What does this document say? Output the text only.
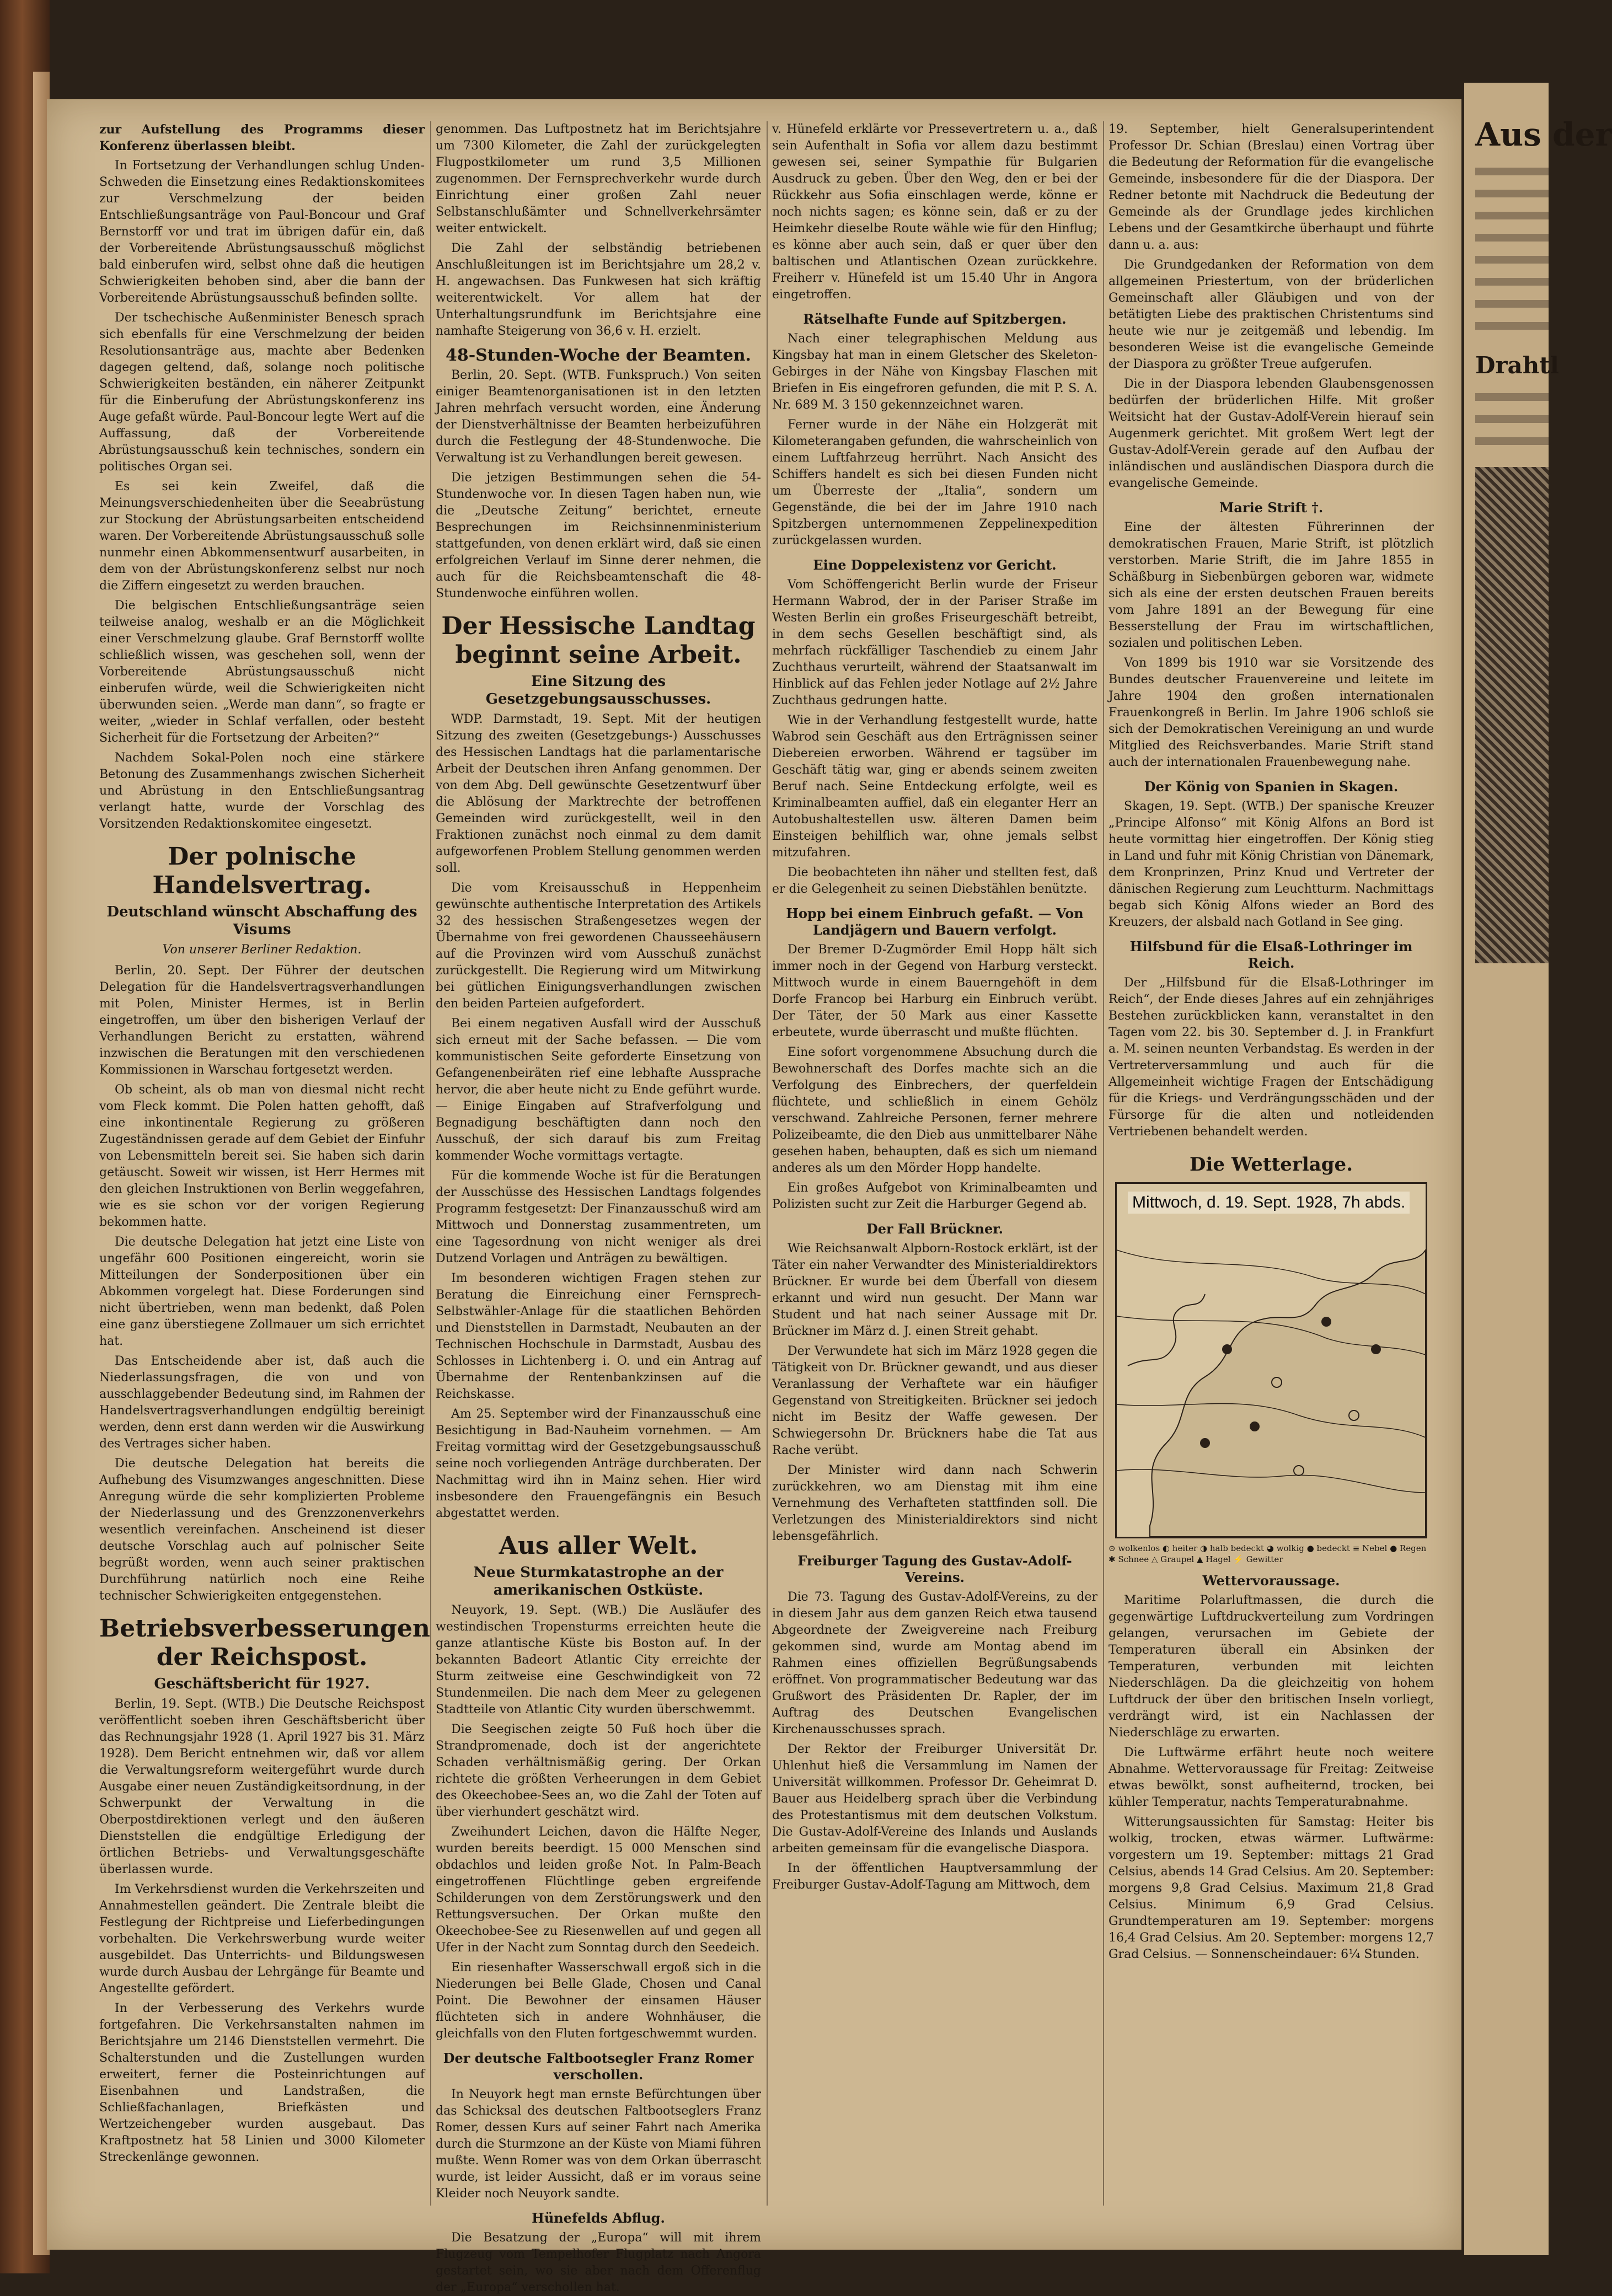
Aus der
Drahtl

zur Aufstellung des Programms dieser Konferenz überlassen bleibt.

In Fortsetzung der Verhandlungen schlug Unden-Schweden die Einsetzung eines Redaktionskomitees zur Verschmelzung der beiden Entschließungsanträge von Paul-Boncour und Graf Bernstorff vor und trat im übrigen dafür ein, daß der Vorbereitende Abrüstungsausschuß möglichst bald einberufen wird, selbst ohne daß die heutigen Schwierigkeiten behoben sind, aber die bann der Vorbereitende Abrüstungsausschuß befinden sollte.

Der tschechische Außenminister Benesch sprach sich ebenfalls für eine Verschmelzung der beiden Resolutionsanträge aus, machte aber Bedenken dagegen geltend, daß, solange noch politische Schwierigkeiten beständen, ein näherer Zeitpunkt für die Einberufung der Abrüstungskonferenz ins Auge gefaßt würde. Paul-Boncour legte Wert auf die Auffassung, daß der Vorbereitende Abrüstungsausschuß kein technisches, sondern ein politisches Organ sei.

Es sei kein Zweifel, daß die Meinungsverschiedenheiten über die Seeabrüstung zur Stockung der Abrüstungsarbeiten entscheidend waren. Der Vorbereitende Abrüstungsausschuß solle nunmehr einen Abkommensentwurf ausarbeiten, in dem von der Abrüstungskonferenz selbst nur noch die Ziffern eingesetzt zu werden brauchen.

Die belgischen Entschließungsanträge seien teilweise analog, weshalb er an die Möglichkeit einer Verschmelzung glaube. Graf Bernstorff wollte schließlich wissen, was geschehen soll, wenn der Vorbereitende Abrüstungsausschuß nicht einberufen würde, weil die Schwierigkeiten nicht überwunden seien. „Werde man dann“, so fragte er weiter, „wieder in Schlaf verfallen, oder besteht Sicherheit für die Fortsetzung der Arbeiten?“

Nachdem Sokal-Polen noch eine stärkere Betonung des Zusammenhangs zwischen Sicherheit und Abrüstung in den Entschließungsantrag verlangt hatte, wurde der Vorschlag des Vorsitzenden Redaktionskomitee eingesetzt.

Der polnische Handelsvertrag.
Deutschland wünscht Abschaffung des Visums
Von unserer Berliner Redaktion.

Berlin, 20. Sept. Der Führer der deutschen Delegation für die Handelsvertragsverhandlungen mit Polen, Minister Hermes, ist in Berlin eingetroffen, um über den bisherigen Verlauf der Verhandlungen Bericht zu erstatten, während inzwischen die Beratungen mit den verschiedenen Kommissionen in Warschau fortgesetzt werden.

Ob scheint, als ob man von diesmal nicht recht vom Fleck kommt. Die Polen hatten gehofft, daß eine inkontinentale Regierung zu größeren Zugeständnissen gerade auf dem Gebiet der Einfuhr von Lebensmitteln bereit sei. Sie haben sich darin getäuscht. Soweit wir wissen, ist Herr Hermes mit den gleichen Instruktionen von Berlin weggefahren, wie es sie schon vor der vorigen Regierung bekommen hatte.

Die deutsche Delegation hat jetzt eine Liste von ungefähr 600 Positionen eingereicht, worin sie Mitteilungen der Sonderpositionen über ein Abkommen vorgelegt hat. Diese Forderungen sind nicht übertrieben, wenn man bedenkt, daß Polen eine ganz überstiegene Zollmauer um sich errichtet hat.

Das Entscheidende aber ist, daß auch die Niederlassungsfragen, die von und von ausschlaggebender Bedeutung sind, im Rahmen der Handelsvertragsverhandlungen endgültig bereinigt werden, denn erst dann werden wir die Auswirkung des Vertrages sicher haben.

Die deutsche Delegation hat bereits die Aufhebung des Visumzwanges angeschnitten. Diese Anregung würde die sehr komplizierten Probleme der Niederlassung und des Grenzzonenverkehrs wesentlich vereinfachen. Anscheinend ist dieser deutsche Vorschlag auch auf polnischer Seite begrüßt worden, wenn auch seiner praktischen Durchführung natürlich noch eine Reihe technischer Schwierigkeiten entgegenstehen.

Betriebsverbesserungen der Reichspost.
Geschäftsbericht für 1927.

Berlin, 19. Sept. (WTB.) Die Deutsche Reichspost veröffentlicht soeben ihren Geschäftsbericht über das Rechnungsjahr 1928 (1. April 1927 bis 31. März 1928). Dem Bericht entnehmen wir, daß vor allem die Verwaltungsreform weitergeführt wurde durch Ausgabe einer neuen Zuständigkeitsordnung, in der Schwerpunkt der Verwaltung in die Oberpostdirektionen verlegt und den äußeren Dienststellen die endgültige Erledigung der örtlichen Betriebs- und Verwaltungsgeschäfte überlassen wurde.

Im Verkehrsdienst wurden die Verkehrszeiten und Annahmestellen geändert. Die Zentrale bleibt die Festlegung der Richtpreise und Lieferbedingungen vorbehalten. Die Verkehrswerbung wurde weiter ausgebildet. Das Unterrichts- und Bildungswesen wurde durch Ausbau der Lehrgänge für Beamte und Angestellte gefördert.

In der Verbesserung des Verkehrs wurde fortgefahren. Die Verkehrsanstalten nahmen im Berichtsjahre um 2146 Dienststellen vermehrt. Die Schalterstunden und die Zustellungen wurden erweitert, ferner die Posteinrichtungen auf Eisenbahnen und Landstraßen, die Schließfachanlagen, Briefkästen und Wertzeichengeber wurden ausgebaut. Das Kraftpostnetz hat 58 Linien und 3000 Kilometer Streckenlänge gewonnen.

genommen. Das Luftpostnetz hat im Berichtsjahre um 7300 Kilometer, die Zahl der zurückgelegten Flugpostkilometer um rund 3,5 Millionen zugenommen. Der Fernsprechverkehr wurde durch Einrichtung einer großen Zahl neuer Selbstanschlußämter und Schnellverkehrsämter weiter entwickelt.

Die Zahl der selbständig betriebenen Anschlußleitungen ist im Berichtsjahre um 28,2 v. H. angewachsen. Das Funkwesen hat sich kräftig weiterentwickelt. Vor allem hat der Unterhaltungsrundfunk im Berichtsjahre eine namhafte Steigerung von 36,6 v. H. erzielt.

48-Stunden-Woche der Beamten.

Berlin, 20. Sept. (WTB. Funkspruch.) Von seiten einiger Beamtenorganisationen ist in den letzten Jahren mehrfach versucht worden, eine Änderung der Dienstverhältnisse der Beamten herbeizuführen durch die Festlegung der 48-Stundenwoche. Die Verwaltung ist zu Verhandlungen bereit gewesen.

Die jetzigen Bestimmungen sehen die 54-Stundenwoche vor. In diesen Tagen haben nun, wie die „Deutsche Zeitung“ berichtet, erneute Besprechungen im Reichsinnenministerium stattgefunden, von denen erklärt wird, daß sie einen erfolgreichen Verlauf im Sinne derer nehmen, die auch für die Reichsbeamtenschaft die 48-Stundenwoche einführen wollen.

Der Hessische Landtag beginnt seine Arbeit.
Eine Sitzung des Gesetzgebungsausschusses.

WDP. Darmstadt, 19. Sept. Mit der heutigen Sitzung des zweiten (Gesetzgebungs-) Ausschusses des Hessischen Landtags hat die parlamentarische Arbeit der Deutschen ihren Anfang genommen. Der von dem Abg. Dell gewünschte Gesetzentwurf über die Ablösung der Marktrechte der betroffenen Gemeinden wird zurückgestellt, weil in den Fraktionen zunächst noch einmal zu dem damit aufgeworfenen Problem Stellung genommen werden soll.

Die vom Kreisausschuß in Heppenheim gewünschte authentische Interpretation des Artikels 32 des hessischen Straßengesetzes wegen der Übernahme von frei gewordenen Chausseehäusern auf die Provinzen wird vom Ausschuß zunächst zurückgestellt. Die Regierung wird um Mitwirkung bei gütlichen Einigungsverhandlungen zwischen den beiden Parteien aufgefordert.

Bei einem negativen Ausfall wird der Ausschuß sich erneut mit der Sache befassen. — Die vom kommunistischen Seite geforderte Einsetzung von Gefangenenbeiräten rief eine lebhafte Aussprache hervor, die aber heute nicht zu Ende geführt wurde. — Einige Eingaben auf Strafverfolgung und Begnadigung beschäftigten dann noch den Ausschuß, der sich darauf bis zum Freitag kommender Woche vormittags vertagte.

Für die kommende Woche ist für die Beratungen der Ausschüsse des Hessischen Landtags folgendes Programm festgesetzt: Der Finanzausschuß wird am Mittwoch und Donnerstag zusammentreten, um eine Tagesordnung von nicht weniger als drei Dutzend Vorlagen und Anträgen zu bewältigen.

Im besonderen wichtigen Fragen stehen zur Beratung die Einreichung einer Fernsprech-Selbstwähler-Anlage für die staatlichen Behörden und Dienststellen in Darmstadt, Neubauten an der Technischen Hochschule in Darmstadt, Ausbau des Schlosses in Lichtenberg i. O. und ein Antrag auf Übernahme der Rentenbankzinsen auf die Reichskasse.

Am 25. September wird der Finanzausschuß eine Besichtigung in Bad-Nauheim vornehmen. — Am Freitag vormittag wird der Gesetzgebungsausschuß seine noch vorliegenden Anträge durchberaten. Der Nachmittag wird ihn in Mainz sehen. Hier wird insbesondere den Frauengefängnis ein Besuch abgestattet werden.

Aus aller Welt.
Neue Sturmkatastrophe an der amerikanischen Ostküste.

Neuyork, 19. Sept. (WB.) Die Ausläufer des westindischen Tropensturms erreichten heute die ganze atlantische Küste bis Boston auf. In der bekannten Badeort Atlantic City erreichte der Sturm zeitweise eine Geschwindigkeit von 72 Stundenmeilen. Die nach dem Meer zu gelegenen Stadtteile von Atlantic City wurden überschwemmt.

Die Seegischen zeigte 50 Fuß hoch über die Strandpromenade, doch ist der angerichtete Schaden verhältnismäßig gering. Der Orkan richtete die größten Verheerungen in dem Gebiet des Okeechobee-Sees an, wo die Zahl der Toten auf über vierhundert geschätzt wird.

Zweihundert Leichen, davon die Hälfte Neger, wurden bereits beerdigt. 15 000 Menschen sind obdachlos und leiden große Not. In Palm-Beach eingetroffenen Flüchtlinge geben ergreifende Schilderungen von dem Zerstörungswerk und den Rettungsversuchen. Der Orkan mußte den Okeechobee-See zu Riesenwellen auf und gegen all Ufer in der Nacht zum Sonntag durch den Seedeich.

Ein riesenhafter Wasserschwall ergoß sich in die Niederungen bei Belle Glade, Chosen und Canal Point. Die Bewohner der einsamen Häuser flüchteten sich in andere Wohnhäuser, die gleichfalls von den Fluten fortgeschwemmt wurden.

Der deutsche Faltbootsegler Franz Romer verschollen.

In Neuyork hegt man ernste Befürchtungen über das Schicksal des deutschen Faltbootseglers Franz Romer, dessen Kurs auf seiner Fahrt nach Amerika durch die Sturmzone an der Küste von Miami führen mußte. Wenn Romer was von dem Orkan überrascht wurde, ist leider Aussicht, daß er im voraus seine Kleider noch Neuyork sandte.

Hünefelds Abflug.

Die Besatzung der „Europa“ will mit ihrem Flugzeug vom Tempelhofer Flugplatz nach Angora gestartet sein, wo sie aber nach dem Offerenflug der „Europa“ verschollen hat.

v. Hünefeld erklärte vor Pressevertretern u. a., daß sein Aufenthalt in Sofia vor allem dazu bestimmt gewesen sei, seiner Sympathie für Bulgarien Ausdruck zu geben. Über den Weg, den er bei der Rückkehr aus Sofia einschlagen werde, könne er noch nichts sagen; es könne sein, daß er zu der Heimkehr dieselbe Route wähle wie für den Hinflug; es könne aber auch sein, daß er quer über den baltischen und Atlantischen Ozean zurückkehre. Freiherr v. Hünefeld ist um 15.40 Uhr in Angora eingetroffen.

Rätselhafte Funde auf Spitzbergen.

Nach einer telegraphischen Meldung aus Kingsbay hat man in einem Gletscher des Skeleton-Gebirges in der Nähe von Kingsbay Flaschen mit Briefen in Eis eingefroren gefunden, die mit P. S. A. Nr. 689 M. 3 150 gekennzeichnet waren.

Ferner wurde in der Nähe ein Holzgerät mit Kilometerangaben gefunden, die wahrscheinlich von einem Luftfahrzeug herrührt. Nach Ansicht des Schiffers handelt es sich bei diesen Funden nicht um Überreste der „Italia“, sondern um Gegenstände, die bei der im Jahre 1910 nach Spitzbergen unternommenen Zeppelinexpedition zurückgelassen wurden.

Eine Doppelexistenz vor Gericht.

Vom Schöffengericht Berlin wurde der Friseur Hermann Wabrod, der in der Pariser Straße im Westen Berlin ein großes Friseurgeschäft betreibt, in dem sechs Gesellen beschäftigt sind, als mehrfach rückfälliger Taschendieb zu einem Jahr Zuchthaus verurteilt, während der Staatsanwalt im Hinblick auf das Fehlen jeder Notlage auf 2½ Jahre Zuchthaus gedrungen hatte.

Wie in der Verhandlung festgestellt wurde, hatte Wabrod sein Geschäft aus den Erträgnissen seiner Diebereien erworben. Während er tagsüber im Geschäft tätig war, ging er abends seinem zweiten Beruf nach. Seine Entdeckung erfolgte, weil es Kriminalbeamten auffiel, daß ein eleganter Herr an Autobushaltestellen usw. älteren Damen beim Einsteigen behilflich war, ohne jemals selbst mitzufahren.

Die beobachteten ihn näher und stellten fest, daß er die Gelegenheit zu seinen Diebstählen benützte.

Hopp bei einem Einbruch gefaßt. — Von Landjägern und Bauern verfolgt.

Der Bremer D-Zugmörder Emil Hopp hält sich immer noch in der Gegend von Harburg versteckt. Mittwoch wurde in einem Bauerngehöft in dem Dorfe Francop bei Harburg ein Einbruch verübt. Der Täter, der 50 Mark aus einer Kassette erbeutete, wurde überrascht und mußte flüchten.

Eine sofort vorgenommene Absuchung durch die Bewohnerschaft des Dorfes machte sich an die Verfolgung des Einbrechers, der querfeldein flüchtete, und schließlich in einem Gehölz verschwand. Zahlreiche Personen, ferner mehrere Polizeibeamte, die den Dieb aus unmittelbarer Nähe gesehen haben, behaupten, daß es sich um niemand anderes als um den Mörder Hopp handelte.

Ein großes Aufgebot von Kriminalbeamten und Polizisten sucht zur Zeit die Harburger Gegend ab.

Der Fall Brückner.

Wie Reichsanwalt Alpborn-Rostock erklärt, ist der Täter ein naher Verwandter des Ministerialdirektors Brückner. Er wurde bei dem Überfall von diesem erkannt und wird nun gesucht. Der Mann war Student und hat nach seiner Aussage mit Dr. Brückner im März d. J. einen Streit gehabt.

Der Verwundete hat sich im März 1928 gegen die Tätigkeit von Dr. Brückner gewandt, und aus dieser Veranlassung der Verhaftete war ein häufiger Gegenstand von Streitigkeiten. Brückner sei jedoch nicht im Besitz der Waffe gewesen. Der Schwiegersohn Dr. Brückners habe die Tat aus Rache verübt.

Der Minister wird dann nach Schwerin zurückkehren, wo am Dienstag mit ihm eine Vernehmung des Verhafteten stattfinden soll. Die Verletzungen des Ministerialdirektors sind nicht lebensgefährlich.

Freiburger Tagung des Gustav-Adolf-Vereins.

Die 73. Tagung des Gustav-Adolf-Vereins, zu der in diesem Jahr aus dem ganzen Reich etwa tausend Abgeordnete der Zweigvereine nach Freiburg gekommen sind, wurde am Montag abend im Rahmen eines offiziellen Begrüßungsabends eröffnet. Von programmatischer Bedeutung war das Grußwort des Präsidenten Dr. Rapler, der im Auftrag des Deutschen Evangelischen Kirchenausschusses sprach.

Der Rektor der Freiburger Universität Dr. Uhlenhut hieß die Versammlung im Namen der Universität willkommen. Professor Dr. Geheimrat D. Bauer aus Heidelberg sprach über die Verbindung des Protestantismus mit dem deutschen Volkstum. Die Gustav-Adolf-Vereine des Inlands und Auslands arbeiten gemeinsam für die evangelische Diaspora.

In der öffentlichen Hauptversammlung der Freiburger Gustav-Adolf-Tagung am Mittwoch, dem

19. September, hielt Generalsuperintendent Professor Dr. Schian (Breslau) einen Vortrag über die Bedeutung der Reformation für die evangelische Gemeinde, insbesondere für die der Diaspora. Der Redner betonte mit Nachdruck die Bedeutung der Gemeinde als der Grundlage jedes kirchlichen Lebens und der Gesamtkirche überhaupt und führte dann u. a. aus:

Die Grundgedanken der Reformation von dem allgemeinen Priestertum, von der brüderlichen Gemeinschaft aller Gläubigen und von der betätigten Liebe des praktischen Christentums sind heute wie nur je zeitgemäß und lebendig. Im besonderen Weise ist die evangelische Gemeinde der Diaspora zu größter Treue aufgerufen.

Die in der Diaspora lebenden Glaubensgenossen bedürfen der brüderlichen Hilfe. Mit großer Weitsicht hat der Gustav-Adolf-Verein hierauf sein Augenmerk gerichtet. Mit großem Wert legt der Gustav-Adolf-Verein gerade auf den Aufbau der inländischen und ausländischen Diaspora durch die evangelische Gemeinde.

Marie Strift †.

Eine der ältesten Führerinnen der demokratischen Frauen, Marie Strift, ist plötzlich verstorben. Marie Strift, die im Jahre 1855 in Schäßburg in Siebenbürgen geboren war, widmete sich als eine der ersten deutschen Frauen bereits vom Jahre 1891 an der Bewegung für eine Besserstellung der Frau im wirtschaftlichen, sozialen und politischen Leben.

Von 1899 bis 1910 war sie Vorsitzende des Bundes deutscher Frauenvereine und leitete im Jahre 1904 den großen internationalen Frauenkongreß in Berlin. Im Jahre 1906 schloß sie sich der Demokratischen Vereinigung an und wurde Mitglied des Reichsverbandes. Marie Strift stand auch der internationalen Frauenbewegung nahe.

Der König von Spanien in Skagen.

Skagen, 19. Sept. (WTB.) Der spanische Kreuzer „Principe Alfonso“ mit König Alfons an Bord ist heute vormittag hier eingetroffen. Der König stieg in Land und fuhr mit König Christian von Dänemark, dem Kronprinzen, Prinz Knud und Vertreter der dänischen Regierung zum Leuchtturm. Nachmittags begab sich König Alfons wieder an Bord des Kreuzers, der alsbald nach Gotland in See ging.

Hilfsbund für die Elsaß-Lothringer im Reich.

Der „Hilfsbund für die Elsaß-Lothringer im Reich“, der Ende dieses Jahres auf ein zehnjähriges Bestehen zurückblicken kann, veranstaltet in den Tagen vom 22. bis 30. September d. J. in Frankfurt a. M. seinen neunten Verbandstag. Es werden in der Vertreterversammlung und auch für die Allgemeinheit wichtige Fragen der Entschädigung für die Kriegs- und Verdrängungsschäden und der Fürsorge für die alten und notleidenden Vertriebenen behandelt werden.

Die Wetterlage.
Mittwoch, d. 19. Sept. 1928, 7h abds.

⊙ wolkenlos ◐ heiter ◑ halb bedeckt ◕ wolkig ● bedeckt ≡ Nebel ● Regen ✱ Schnee △ Graupel ▲ Hagel ⚡ Gewitter

Wettervoraussage.

Maritime Polarluftmassen, die durch die gegenwärtige Luftdruckverteilung zum Vordringen gelangen, verursachen im Gebiete der Temperaturen überall ein Absinken der Temperaturen, verbunden mit leichten Niederschlägen. Da die gleichzeitig von hohem Luftdruck der über den britischen Inseln vorliegt, verdrängt wird, ist ein Nachlassen der Niederschläge zu erwarten.

Die Luftwärme erfährt heute noch weitere Abnahme. Wettervoraussage für Freitag: Zeitweise etwas bewölkt, sonst aufheiternd, trocken, bei kühler Temperatur, nachts Temperaturabnahme.

Witterungsaussichten für Samstag: Heiter bis wolkig, trocken, etwas wärmer. Luftwärme: vorgestern um 19. September: mittags 21 Grad Celsius, abends 14 Grad Celsius. Am 20. September: morgens 9,8 Grad Celsius. Maximum 21,8 Grad Celsius. Minimum 6,9 Grad Celsius. Grundtemperaturen am 19. September: morgens 16,4 Grad Celsius. Am 20. September: morgens 12,7 Grad Celsius. — Sonnenscheindauer: 6¼ Stunden.
